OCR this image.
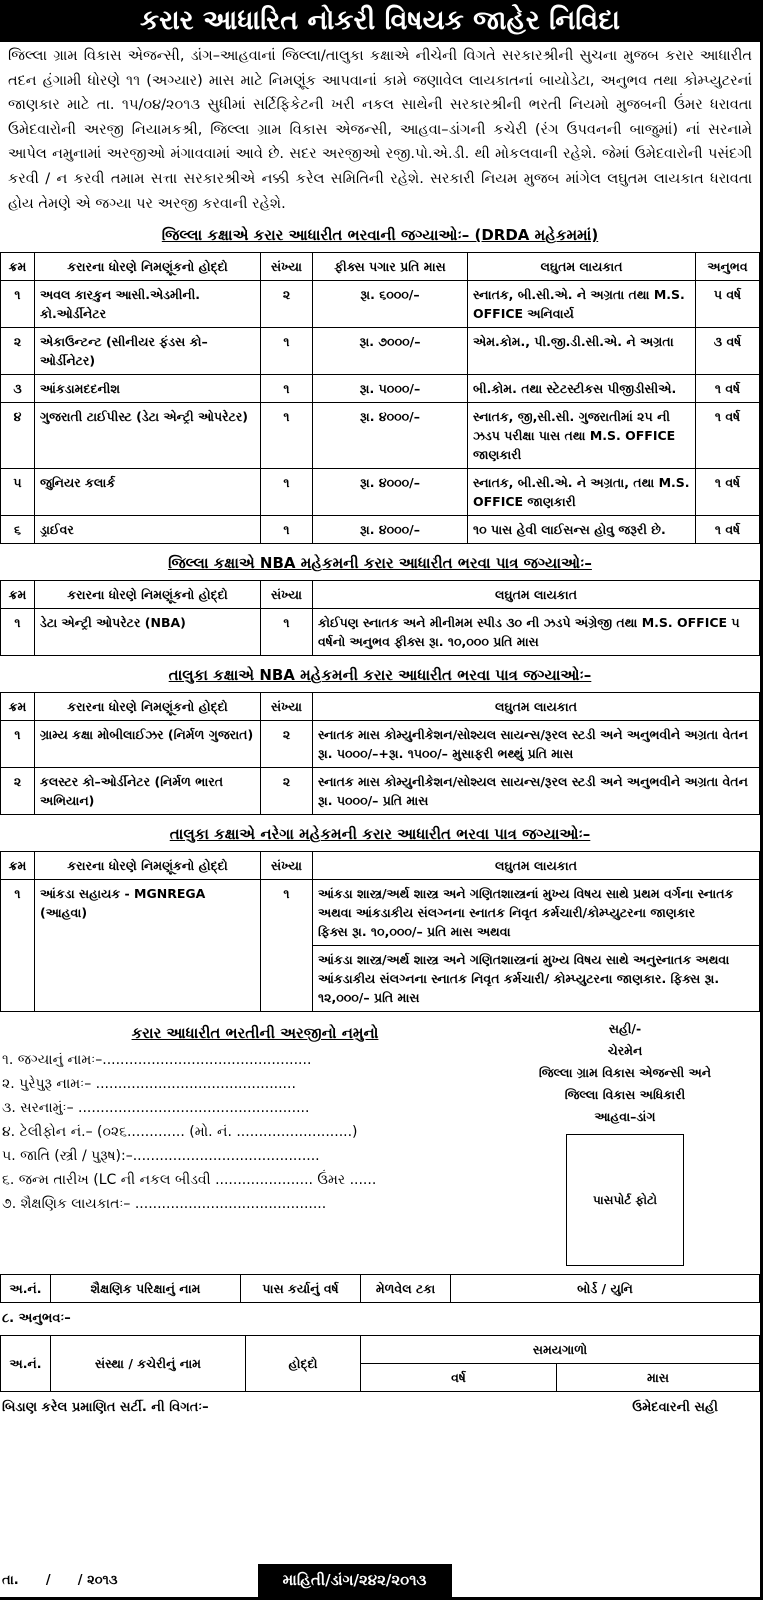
કરાર આધારિત નોકરી વિષયક જાહેર નિવિદા

જિલ્લા ગ્રામ વિકાસ એજન્સી, ડાંગ–આહવાનાં જિલ્લા/તાલુકા કક્ષાએ નીચેની વિગતે સરકારશ્રીની સુચના મુજબ કરાર આધારીત તદન હંગામી ધોરણે ૧૧ (અગ્યાર) માસ માટે નિમણૂંક આપવાનાં કામે જણાવેલ લાયકાતનાં બાયોડેટા, અનુભવ તથા કોમ્પ્યુટરનાં જાણકાર માટે તા. ૧૫/૦૪/૨૦૧૩ સુધીમાં સર્ટિફિકેટની ખરી નકલ સાથેની સરકારશ્રીની ભરતી નિયમો મુજબની ઉંમર ધરાવતા ઉમેદવારોની અરજી નિયામકશ્રી, જિલ્લા ગ્રામ વિકાસ એજન્સી, આહવા–ડાંગની કચેરી (રંગ ઉપવનની બાજુમાં) નાં સરનામે આપેલ નમુનામાં અરજીઓ મંગાવવામાં આવે છે. સદર અરજીઓ રજી.પો.એ.ડી. થી મોકલવાની રહેશે. જેમાં ઉમેદવારોની પસંદગી કરવી / ન કરવી તમામ સત્તા સરકારશ્રીએ નક્કી કરેલ સમિતિની રહેશે. સરકારી નિયમ મુજબ માંગેલ લઘુતમ લાયકાત ધરાવતા હોય તેમણે એ જગ્યા પર અરજી કરવાની રહેશે.

જિલ્લા કક્ષાએ કરાર આધારીત ભરવાની જગ્યાઓઃ– (DRDA મહેકમમાં)
ક્રમ	કરારના ધોરણે નિમણૂંકનો હોદ્દો	સંખ્યા	ફીક્સ પગાર પ્રતિ માસ	લઘુતમ લાયકાત	અનુભવ
૧	અવલ કારકુન આસી.એડમીની. કો.ઓર્ડીનેટર	૨	રૂા. ૬૦૦૦/–	સ્નાતક, બી.સી.એ. ને અગ્રતા તથા M.S. OFFICE અનિવાર્ય	૫ વર્ષ
૨	એકાઉન્ટન્ટ (સીનીયર ફંડસ કો–ઓર્ડીનેટર)	૧	રૂા. ૭૦૦૦/–	એમ.કોમ., પી.જી.ડી.સી.એ. ને અગ્રતા	૩ વર્ષ
૩	આંકડામદદનીશ	૧	રૂા. ૫૦૦૦/–	બી.કોમ. તથા સ્ટેટસ્ટીકસ પીજીડીસીએ.	૧ વર્ષ
૪	ગુજરાતી ટાઈપીસ્ટ (ડેટા એન્ટ્રી ઓપરેટર)	૧	રૂા. ૪૦૦૦/–	સ્નાતક, જી,સી.સી. ગુજરાતીમાં ૨૫ ની ઝડપ પરીક્ષા પાસ તથા M.S. OFFICE જાણકારી	૧ વર્ષ
૫	જુનિયર કલાર્ક	૧	રૂા. ૪૦૦૦/–	સ્નાતક, બી.સી.એ. ને અગ્રતા, તથા M.S. OFFICE જાણકારી	૧ વર્ષ
૬	ડ્રાઈવર	૧	રૂા. ૪૦૦૦/–	૧૦ પાસ હેવી લાઈસન્સ હોવુ જરૂરી છે.	૧ વર્ષ
જિલ્લા કક્ષાએ NBA મહેકમની કરાર આધારીત ભરવા પાત્ર જગ્યાઓઃ–
ક્રમ	કરારના ધોરણે નિમણૂંકનો હોદ્દો	સંખ્યા	લઘુતમ લાયકાત
૧	ડેટા એન્ટ્રી ઓપરેટર (NBA)	૧	કોઈપણ સ્નાતક અને મીનીમમ સ્પીડ ૩૦ ની ઝડપે અંગ્રેજી તથા M.S. OFFICE ૫ વર્ષનો અનુભવ ફીક્સ રૂા. ૧૦,૦૦૦ પ્રતિ માસ
તાલુકા કક્ષાએ NBA મહેકમની કરાર આધારીત ભરવા પાત્ર જગ્યાઓઃ–
ક્રમ	કરારના ધોરણે નિમણૂંકનો હોદ્દો	સંખ્યા	લઘુતમ લાયકાત
૧	ગ્રામ્ય કક્ષા મોબીલાઈઝર (નિર્મળ ગુજરાત)	૨	સ્નાતક માસ કોમ્યુનીકેશન/સોશ્યલ સાયન્સ/રૂરલ સ્ટડી અને અનુભવીને અગ્રતા વેતન રૂા. ૫૦૦૦/–+રૂા. ૧૫૦૦/– મુસાફરી ભથ્થું પ્રતિ માસ
૨	કલસ્ટર કો–ઓર્ડીનેટર (નિર્મળ ભારત અભિયાન)	૨	સ્નાતક માસ કોમ્યુનીકેશન/સોશ્યલ સાયન્સ/રૂરલ સ્ટડી અને અનુભવીને અગ્રતા વેતન રૂા. ૫૦૦૦/– પ્રતિ માસ
તાલુકા કક્ષાએ નરેગા મહેકમની કરાર આધારીત ભરવા પાત્ર જગ્યાઓઃ–
ક્રમ	કરારના ધોરણે નિમણૂંકનો હોદ્દો	સંખ્યા	લઘુતમ લાયકાત
૧	આંકડા સહાયક - MGNREGA (આહવા)	૧	આંકડા શાસ્ત્ર/અર્થ શાસ્ત્ર અને ગણિતશાસ્ત્રનાં મુખ્ય વિષય સાથે પ્રથમ વર્ગના સ્નાતક અથવા આંકડાકીય સંલગ્નના સ્નાતક નિવૃત કર્મચારી/કોમ્પ્યુટરના જાણકાર
ફિક્સ રૂા. ૧૦,૦૦૦/– પ્રતિ માસ અથવા

			આંકડા શાસ્ત્ર/અર્થ શાસ્ત્ર અને ગણિતશાસ્ત્રનાં મુખ્ય વિષય સાથે અનુસ્નાતક અથવા આંકડાકીય સંલગ્નના સ્નાતક નિવૃત કર્મચારી/ કોમ્પ્યુટરના જાણકાર. ફિક્સ રૂા. ૧૨,૦૦૦/– પ્રતિ માસ
કરાર આધારીત ભરતીની અરજીનો નમુનો
૧. જગ્યાનું નામઃ–...............................................
૨. પુરેપુરૂ નામઃ– .............................................
૩. સરનામુંઃ– ....................................................
૪. ટેલીફોન નં.– (૦૨૬............. (મો. નં. ..........................)
૫. જાતિ (સ્ત્રી / પુરૂષ):–..........................................
૬. જન્મ તારીખ (LC ની નકલ બીડવી ...................... ઉંમર ......
૭. શૈક્ષણિક લાયકાતઃ– ...........................................
સહી/-
ચેરમેન
જિલ્લા ગ્રામ વિકાસ એજન્સી અને
જિલ્લા વિકાસ અધિકારી
આહવા–ડાંગ
પાસપોર્ટ ફોટો
અ.નં.	શૈક્ષણિક પરિક્ષાનું નામ	પાસ કર્યાનું વર્ષ	મેળવેલ ટકા	બોર્ડ / યુનિ
૮. અનુભવઃ–
અ.નં.	સંસ્થા / કચેરીનું નામ	હોદ્દો	સમયગાળો	
			વર્ષ	માસ
બિડાણ કરેલ પ્રમાણિત સર્ટી. ની વિગતઃ–	ઉમેદવારની સહી
તા.      /      / ૨૦૧૩	માહિતી/ડાંગ/૨૪૨/૨૦૧૩
